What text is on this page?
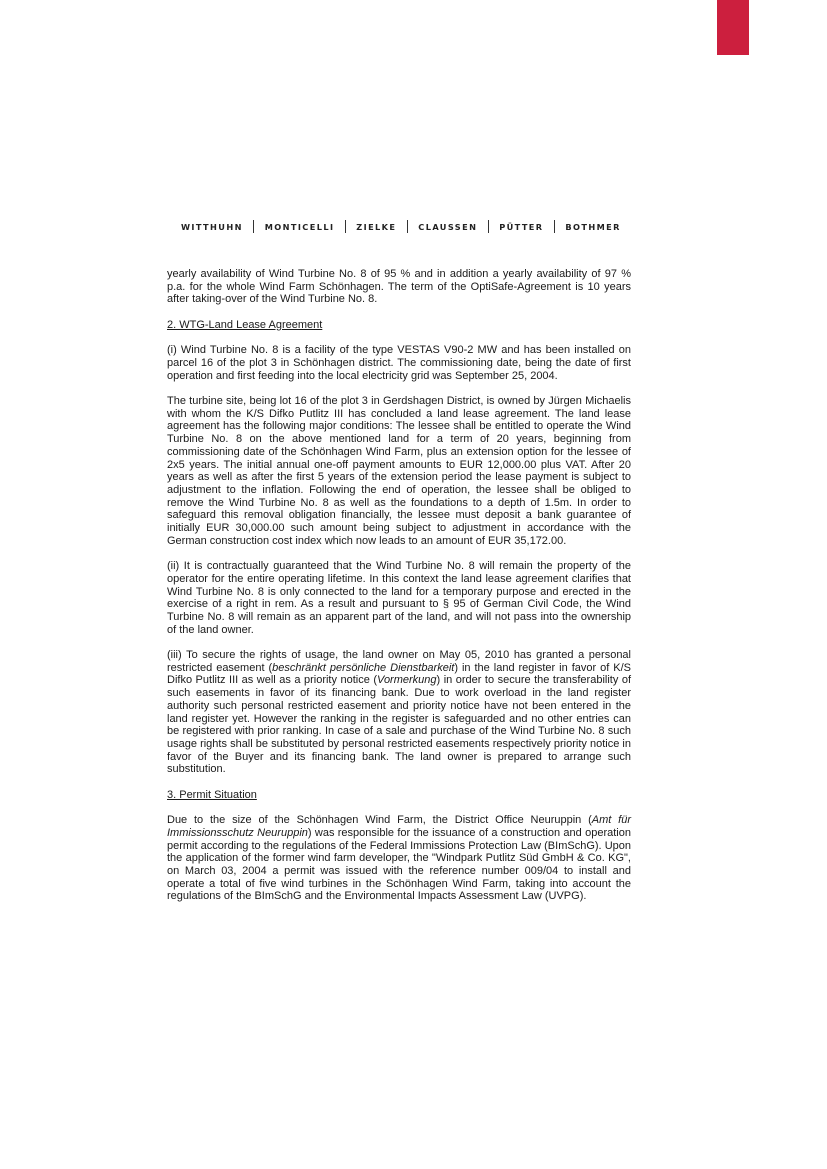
WITTHUHN	MONTICELLI	ZIELKE	CLAUSSEN	PÜTTER	BOTHMER

yearly availability of Wind Turbine No. 8 of 95 % and in addition a yearly availability of 97 % p.a. for the whole Wind Farm Schönhagen. The term of the OptiSafe-Agreement is 10 years after taking-over of the Wind Turbine No. 8.

2. WTG-Land Lease Agreement

(i) Wind Turbine No. 8 is a facility of the type VESTAS V90-2 MW and has been installed on parcel 16 of the plot 3 in Schönhagen district. The commissioning date, being the date of first operation and first feeding into the local electricity grid was September 25, 2004.

The turbine site, being lot 16 of the plot 3 in Gerdshagen District, is owned by Jürgen Michaelis with whom the K/S Difko Putlitz III has concluded a land lease agreement. The land lease agreement has the following major conditions: The lessee shall be entitled to operate the Wind Turbine No. 8 on the above mentioned land for a term of 20 years, beginning from commissioning date of the Schönhagen Wind Farm, plus an extension option for the lessee of 2x5 years. The initial annual one-off payment amounts to EUR 12,000.00 plus VAT. After 20 years as well as after the first 5 years of the extension period the lease payment is subject to adjustment to the inflation. Following the end of operation, the lessee shall be obliged to remove the Wind Turbine No. 8 as well as the foundations to a depth of 1.5m. In order to safeguard this removal obligation financially, the lessee must deposit a bank guarantee of initially EUR 30,000.00 such amount being subject to adjustment in accordance with the German construction cost index which now leads to an amount of EUR 35,172.00.

(ii) It is contractually guaranteed that the Wind Turbine No. 8 will remain the property of the operator for the entire operating lifetime. In this context the land lease agreement clarifies that Wind Turbine No. 8 is only connected to the land for a temporary purpose and erected in the exercise of a right in rem. As a result and pursuant to § 95 of German Civil Code, the Wind Turbine No. 8 will remain as an apparent part of the land, and will not pass into the ownership of the land owner.

(iii) To secure the rights of usage, the land owner on May 05, 2010 has granted a personal restricted easement (beschränkt persönliche Dienstbarkeit) in the land register in favor of K/S Difko Putlitz III as well as a priority notice (Vormerkung) in order to secure the transferability of such easements in favor of its financing bank. Due to work overload in the land register authority such personal restricted easement and priority notice have not been entered in the land register yet. However the ranking in the register is safeguarded and no other entries can be registered with prior ranking. In case of a sale and purchase of the Wind Turbine No. 8 such usage rights shall be substituted by personal restricted easements respectively priority notice in favor of the Buyer and its financing bank. The land owner is prepared to arrange such substitution.

3. Permit Situation

Due to the size of the Schönhagen Wind Farm, the District Office Neuruppin (Amt für Immissionsschutz Neuruppin) was responsible for the issuance of a construction and operation permit according to the regulations of the Federal Immissions Protection Law (BImSchG). Upon the application of the former wind farm developer, the "Windpark Putlitz Süd GmbH & Co. KG", on March 03, 2004 a permit was issued with the reference number 009/04 to install and operate a total of five wind turbines in the Schönhagen Wind Farm, taking into account the regulations of the BImSchG and the Environmental Impacts Assessment Law (UVPG).
